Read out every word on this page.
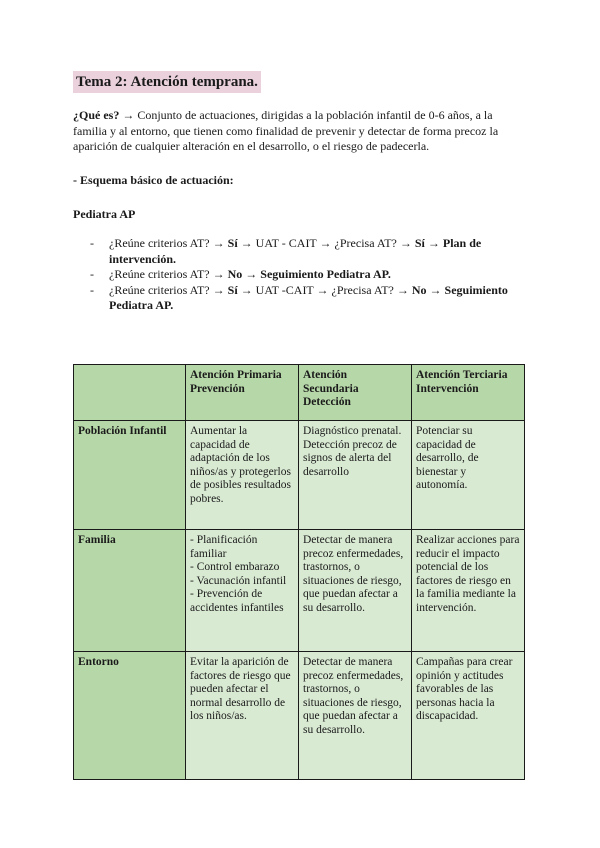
Tema 2: Atención temprana.

¿Qué es? → Conjunto de actuaciones, dirigidas a la población infantil de 0-6 años, a la familia y al entorno, que tienen como finalidad de prevenir y detectar de forma precoz la aparición de cualquier alteración en el desarrollo, o el riesgo de padecerla.

- Esquema básico de actuación:
Pediatra AP
- ¿Reúne criterios AT? → Sí → UAT - CAIT → ¿Precisa AT? → Sí → Plan de intervención.
- ¿Reúne criterios AT? → No → Seguimiento Pediatra AP.
- ¿Reúne criterios AT? → Sí → UAT -CAIT → ¿Precisa AT? → No → Seguimiento Pediatra AP.
	Atención Primaria
Prevención	Atención
Secundaria
Detección	Atención Terciaria
Intervención
Población Infantil	Aumentar la capacidad de adaptación de los niños/as y protegerlos de posibles resultados pobres.	Diagnóstico prenatal. Detección precoz de signos de alerta del desarrollo	Potenciar su capacidad de desarrollo, de bienestar y autonomía.
Familia	- Planificación familiar
- Control embarazo
- Vacunación infantil
- Prevención de accidentes infantiles	Detectar de manera precoz enfermedades, trastornos, o situaciones de riesgo, que puedan afectar a su desarrollo.	Realizar acciones para reducir el impacto potencial de los factores de riesgo en la familia mediante la intervención.
Entorno	Evitar la aparición de factores de riesgo que pueden afectar el normal desarrollo de los niños/as.	Detectar de manera precoz enfermedades, trastornos, o situaciones de riesgo, que puedan afectar a su desarrollo.	Campañas para crear opinión y actitudes favorables de las personas hacia la discapacidad.
